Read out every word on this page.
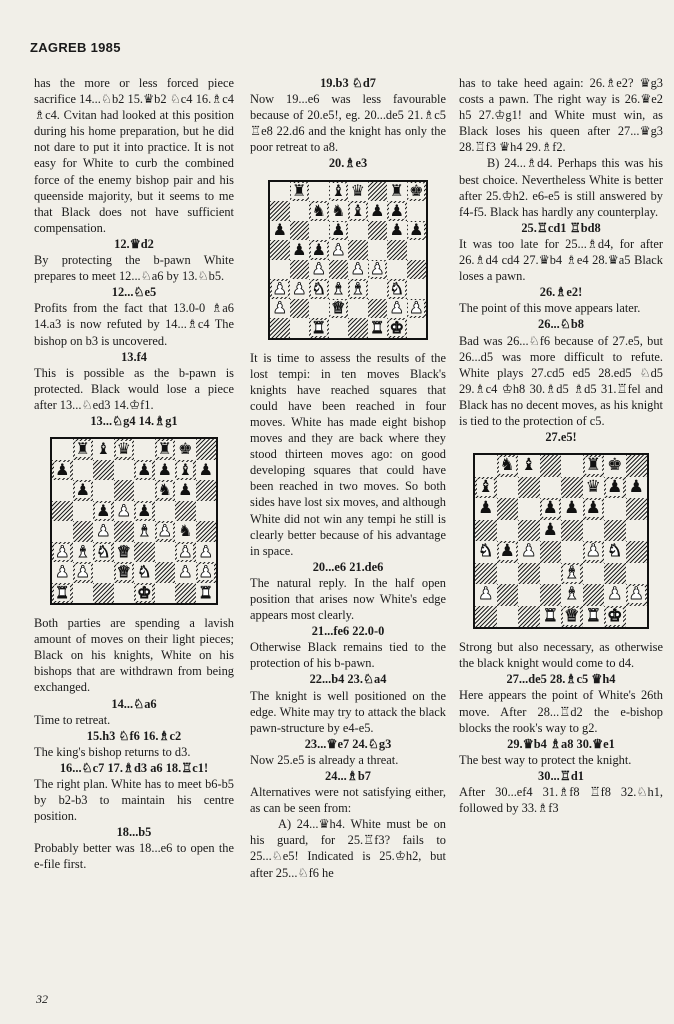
ZAGREB 1985

has the more or less forced piece sacrifice 14...♘b2 15.♛b2 ♘c4 16.♗c4 ♗c4. Cvitan had looked at this position during his home preparation, but he did not dare to put it into practice. It is not easy for White to curb the combined force of the enemy bishop pair and his queenside majority, but it seems to me that Black does not have sufficient compensation.

12.♛d2

By protecting the b-pawn White prepares to meet 12...♘a6 by 13.♘b5.

12...♘e5

Profits from the fact that 13.0-0 ♗a6 14.a3 is now refuted by 14...♗c4 The bishop on b3 is uncovered.

13.f4

This is possible as the b-pawn is protected. Black would lose a piece after 13...♘ed3 14.♔f1.

13...♘g4 14.♗g1

♜ ♝ ♛ ♜ ♚
♟	♟ ♟ ♝ ♟
♟	♞ ♟
♟ ♟ ♟
♟ ♝ ♟ ♞
♟ ♝ ♞ ♛	♟ ♟
♟ ♟ ♛ ♞ ♟ ♟
♜	♚	♜

Both parties are spending a lavish amount of moves on their light pieces; Black on his knights, White on his bishops that are withdrawn from being exchanged.

14...♘a6

Time to retreat.

15.h3 ♘f6 16.♗c2

The king's bishop returns to d3.

16...♘c7 17.♗d3 a6 18.♖c1!

The right plan. White has to meet b6-b5 by b2-b3 to maintain his centre position.

18...b5

Probably better was 18...e6 to open the e-file first.

19.b3 ♘d7

Now 19...e6 was less favourable because of 20.e5!, eg. 20...de5 21.♗c5 ♖e8 22.d6 and the knight has only the poor retreat to a8.

20.♗e3

♜ ♝ ♛ ♜ ♚
♞ ♞ ♝ ♟ ♟
♟	♟	♟ ♟
♟ ♟ ♟
♟ ♟ ♟
♟ ♟ ♞ ♝ ♝ ♞
♟	♛	♟ ♟
♜	♜ ♚

It is time to assess the results of the lost tempi: in ten moves Black's knights have reached squares that could have been reached in four moves. White has made eight bishop moves and they are back where they stood thirteen moves ago: on good developing squares that could have been reached in two moves. So both sides have lost six moves, and although White did not win any tempi he still is clearly better because of his advantage in space.

20...e6 21.de6

The natural reply. In the half open position that arises now White's edge appears most clearly.

21...fe6 22.0-0

Otherwise Black remains tied to the protection of his b-pawn.

22...b4 23.♘a4

The knight is well positioned on the edge. White may try to attack the black pawn-structure by e4-e5.

23...♛e7 24.♘g3

Now 25.e5 is already a threat.

24...♗b7

Alternatives were not satisfying either, as can be seen from:

A) 24...♛h4. White must be on his guard, for 25.♖f3? fails to 25...♘e5! Indicated is 25.♔h2, but after 25...♘f6 he

has to take heed again: 26.♗e2? ♛g3 costs a pawn. The right way is 26.♛e2 h5 27.♔g1! and White must win, as Black loses his queen after 27...♛g3 28.♖f3 ♛h4 29.♗f2.

B) 24...♗d4. Perhaps this was his best choice. Nevertheless White is better after 25.♔h2. e6-e5 is still answered by f4-f5. Black has hardly any counterplay.

25.♖cd1 ♖bd8

It was too late for 25...♗d4, for after 26.♗d4 cd4 27.♛b4 ♗e4 28.♛a5 Black loses a pawn.

26.♗e2!

The point of this move appears later.

26...♘b8

Bad was 26...♘f6 because of 27.e5, but 26...d5 was more difficult to refute. White plays 27.cd5 ed5 28.ed5 ♘d5 29.♗c4 ♔h8 30.♗d5 ♗d5 31.♖fel and Black has no decent moves, as his knight is tied to the protection of c5.

27.e5!

♞ ♝	♜ ♚
♝	♛ ♟ ♟
♟	♟ ♟ ♟
♟
♞ ♟ ♟	♟ ♞
♝
♟	♝ ♟ ♟
♜ ♛ ♜ ♚

Strong but also necessary, as otherwise the black knight would come to d4.

27...de5 28.♗c5 ♛h4

Here appears the point of White's 26th move. After 28...♖d2 the e-bishop blocks the rook's way to g2.

29.♛b4 ♗a8 30.♛e1

The best way to protect the knight.

30...♖d1

After 30...ef4 31.♗f8 ♖f8 32.♘h1, followed by 33.♗f3

32
